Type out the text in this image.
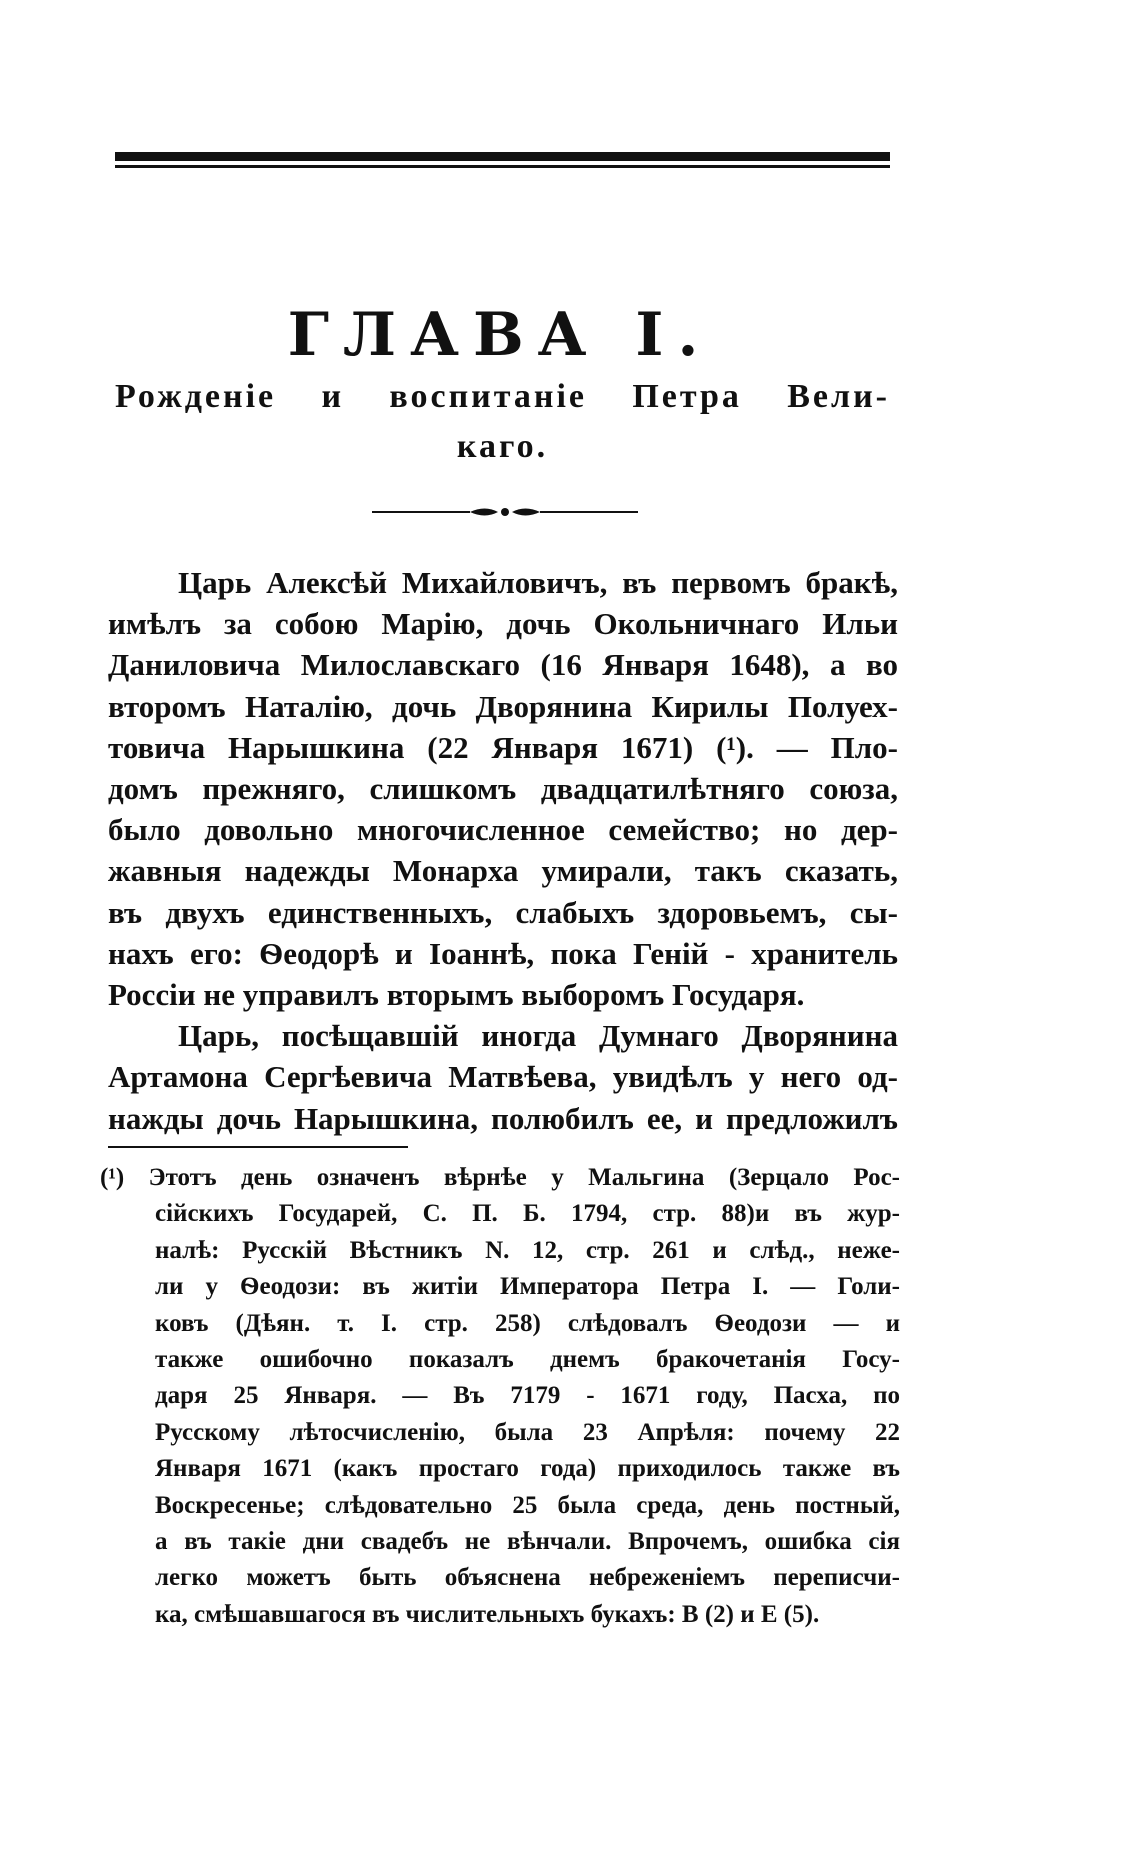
ГЛАВА I.
Рожденіе и воспитаніе Петра Вели-
каго.
Царь Алексѣй Михайловичъ, въ первомъ бракѣ,
имѣлъ за собою Марію, дочь Окольничнаго Ильи
Даниловича Милославскаго (16 Января 1648), а во
второмъ Наталію, дочь Дворянина Кирилы Полуех-
товича Нарышкина (22 Января 1671) (¹). — Пло-
домъ прежняго, слишкомъ двадцатилѣтняго союза,
было довольно многочисленное семейство; но дер-
жавныя надежды Монарха умирали, такъ сказать,
въ двухъ единственныхъ, слабыхъ здоровьемъ, сы-
нахъ его: Ѳеодорѣ и Іоаннѣ, пока Геній - хранитель
Россіи не управилъ вторымъ выборомъ Государя.
Царь, посѣщавшій иногда Думнаго Дворянина
Артамона Сергѣевича Матвѣева, увидѣлъ у него од-
нажды дочь Нарышкина, полюбилъ ее, и предложилъ
(¹) Этотъ день означенъ вѣрнѣе у Мальгина (Зерцало Рос-
сійскихъ Государей, С. П. Б. 1794, стр. 88)и въ жур-
налѣ: Русскій Вѣстникъ N. 12, стр. 261 и слѣд., неже-
ли у Ѳеодози: въ житіи Императора Петра I. — Голи-
ковъ (Дѣян. т. I. стр. 258) слѣдовалъ Ѳеодози — и
также ошибочно показалъ днемъ бракочетанія Госу-
даря 25 Января. — Въ 7179 - 1671 году, Пасха, по
Русскому лѣтосчисленію, была 23 Апрѣля: почему 22
Января 1671 (какъ простаго года) приходилось также въ
Воскресенье; слѣдовательно 25 была среда, день постный,
а въ такіе дни свадебъ не вѣнчали. Впрочемъ, ошибка сія
легко можетъ быть объяснена небреженіемъ переписчи-
ка, смѣшавшагося въ числительныхъ букахъ: В (2) и Е (5).
